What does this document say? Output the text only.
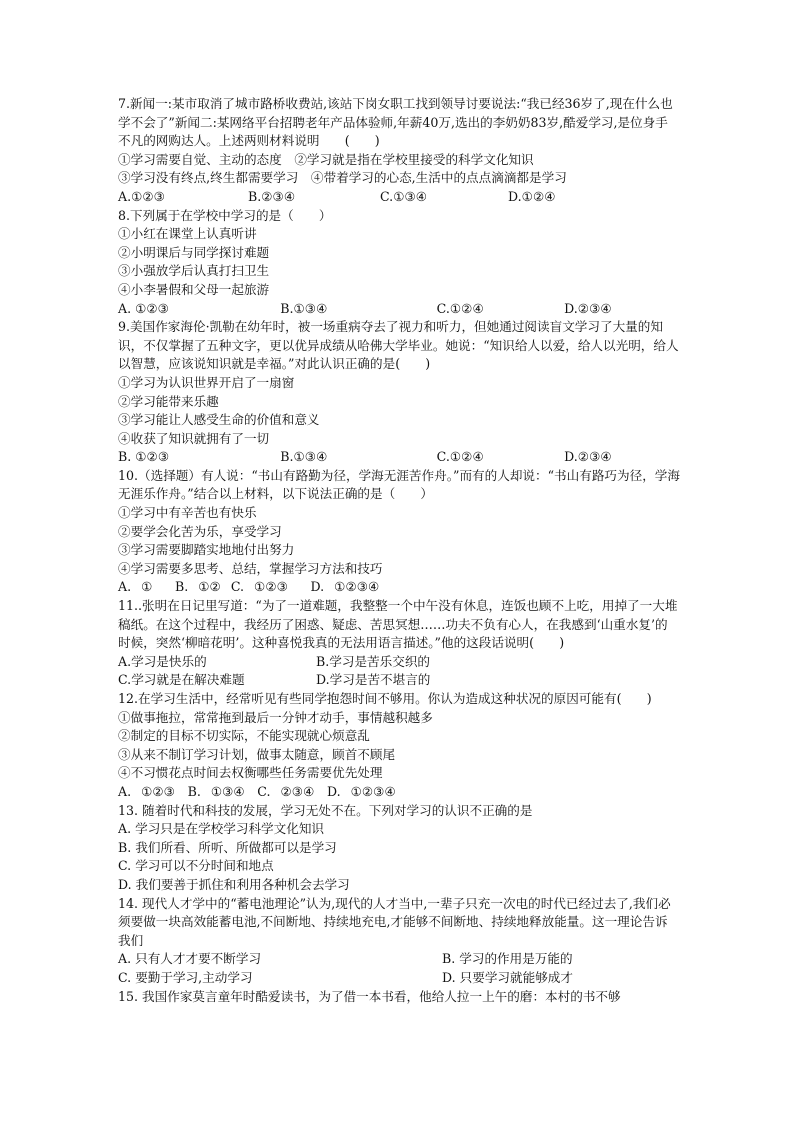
7.新闻一:某市取消了城市路桥收费站,该站下岗女职工找到领导讨要说法:“我已经36岁了,现在什么也学不会了”新闻二:某网络平台招聘老年产品体验师,年薪40万,选出的李奶奶83岁,酷爱学习,是位身手不凡的网购达人。上述两则材料说明　　(　　)
①学习需要自觉、主动的态度　②学习就是指在学校里接受的科学文化知识
③学习没有终点,终生都需要学习　④带着学习的心态,生活中的点点滴滴都是学习
A.①②③	B.②③④	C.①③④	D.①②④
8.下列属于在学校中学习的是（　　）
①小红在课堂上认真听讲
②小明课后与同学探讨难题
③小强放学后认真打扫卫生
④小李暑假和父母一起旅游
A. ①②③	B.①③④	C.①②④	D.②③④
9.美国作家海伦·凯勒在幼年时，被一场重病夺去了视力和听力，但她通过阅读盲文学习了大量的知识，不仅掌握了五种文字，更以优异成绩从哈佛大学毕业。她说：“知识给人以爱，给人以光明，给人以智慧，应该说知识就是幸福。”对此认识正确的是(　　)
①学习为认识世界开启了一扇窗
②学习能带来乐趣
③学习能让人感受生命的价值和意义
④收获了知识就拥有了一切
B. ①②③	B.①③④	C.①②④	D.②③④
10.（选择题）有人说：“书山有路勤为径，学海无涯苦作舟。”而有的人却说：“书山有路巧为径，学海无涯乐作舟。”结合以上材料，以下说法正确的是（　　）
①学习中有辛苦也有快乐
②要学会化苦为乐，享受学习
③学习需要脚踏实地地付出努力
④学习需要多思考、总结，掌握学习方法和技巧
A. ①　 B. ①② C. ①②③　 D. ①②③④
11..张明在日记里写道：“为了一道难题，我整整一个中午没有休息，连饭也顾不上吃，用掉了一大堆稿纸。在这个过程中，我经历了困惑、疑虑、苦思冥想……功夫不负有心人，在我感到‘山重水复’的时候，突然‘柳暗花明’。这种喜悦我真的无法用语言描述。”他的这段话说明(　　)
A.学习是快乐的	B.学习是苦乐交织的
C.学习就是在解决难题	D.学习是苦不堪言的
12.在学习生活中，经常听见有些同学抱怨时间不够用。你认为造成这种状况的原因可能有(　　)
①做事拖拉，常常拖到最后一分钟才动手，事情越积越多
②制定的目标不切实际，不能实现就心烦意乱
③从来不制订学习计划，做事太随意，顾首不顾尾
④不习惯花点时间去权衡哪些任务需要优先处理
A. ①②③　B. ①③④　C. ②③④　D. ①②③④
13. 随着时代和科技的发展，学习无处不在。下列对学习的认识不正确的是
A. 学习只是在学校学习科学文化知识
B. 我们所看、所听、所做都可以是学习
C. 学习可以不分时间和地点
D. 我们要善于抓住和利用各种机会去学习
14. 现代人才学中的“蓄电池理论”认为,现代的人才当中,一辈子只充一次电的时代已经过去了,我们必须要做一块高效能蓄电池,不间断地、持续地充电,才能够不间断地、持续地释放能量。这一理论告诉我们
A. 只有人才才要不断学习	B. 学习的作用是万能的
C. 要勤于学习,主动学习	D. 只要学习就能够成才
15. 我国作家莫言童年时酷爱读书，为了借一本书看，他给人拉一上午的磨：本村的书不够
